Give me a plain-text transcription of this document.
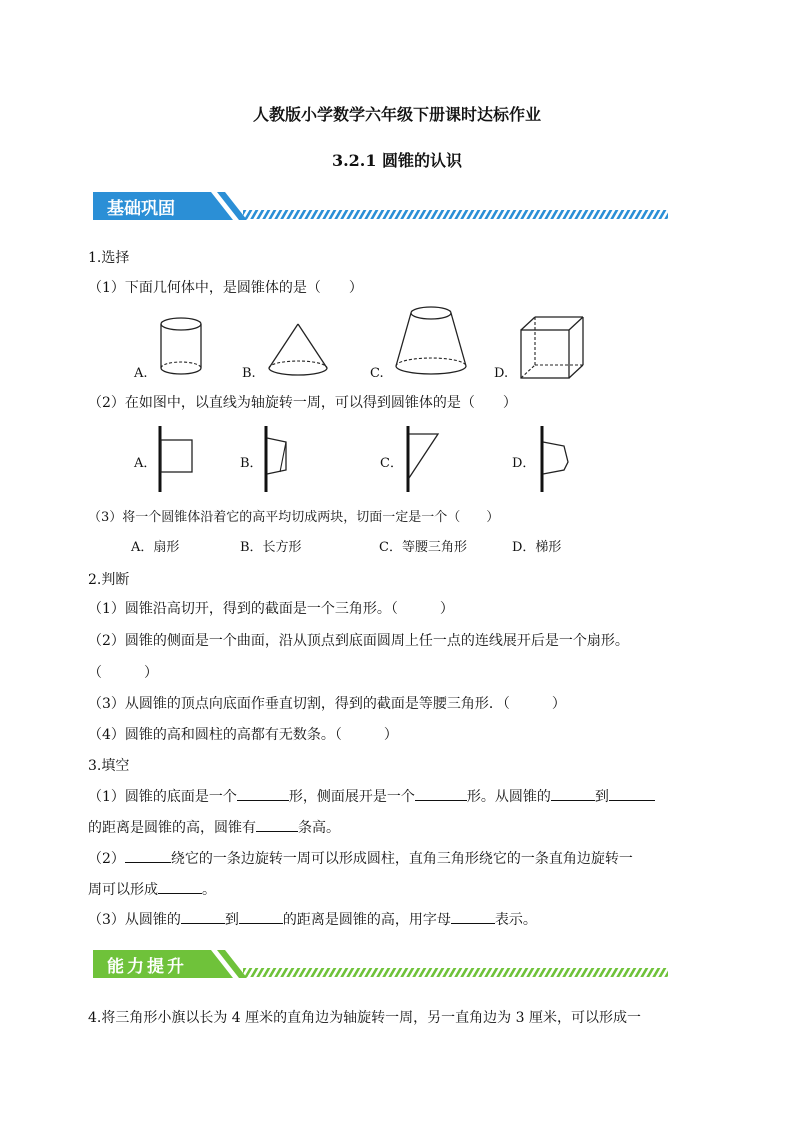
人教版小学数学六年级下册课时达标作业
3.2.1 圆锥的认识
基础巩固
1.选择
（1）下面几何体中，是圆锥体的是（　　）
A.	B.	C.	D.
（2）在如图中，以直线为轴旋转一周，可以得到圆锥体的是（　　）
A．	B．	C．	D．
（3）将一个圆锥体沿着它的高平均切成两块，切面一定是一个（　　）
A．扇形	B．长方形	C．等腰三角形	D．梯形
2.判断
（1）圆锥沿高切开，得到的截面是一个三角形。（　　　）
（2）圆锥的侧面是一个曲面，沿从顶点到底面圆周上任一点的连线展开后是一个扇形。
（　　　）
（3）从圆锥的顶点向底面作垂直切割，得到的截面是等腰三角形．（　　　）
（4）圆锥的高和圆柱的高都有无数条。（　　　）
3.填空
（1）圆锥的底面是一个	形，侧面展开是一个	形。从圆锥的	到
的距离是圆锥的高，圆锥有	条高。
（2）	绕它的一条边旋转一周可以形成圆柱，直角三角形绕它的一条直角边旋转一
周可以形成	。
（3）从圆锥的	到	的距离是圆锥的高，用字母	表示。
能力提升
4.将三角形小旗以长为 4 厘米的直角边为轴旋转一周，另一直角边为 3 厘米，可以形成一
